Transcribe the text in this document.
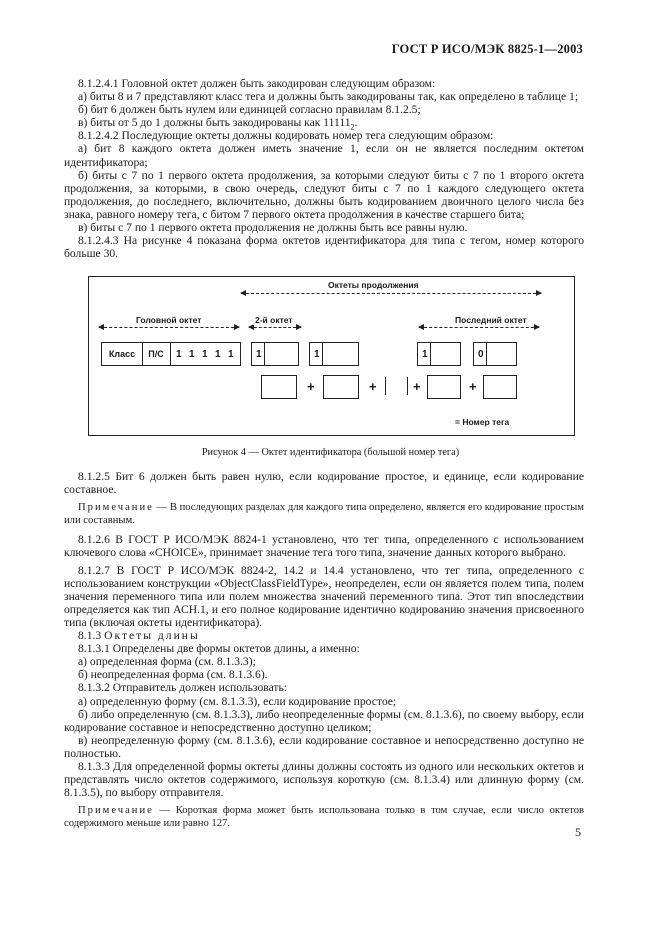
ГОСТ Р ИСО/МЭК 8825-1—2003

8.1.2.4.1 Головной октет должен быть закодирован следующим образом:

а) биты 8 и 7 представляют класс тега и должны быть закодированы так, как определено в таблице 1;

б) бит 6 должен быть нулем или единицей согласно правилам 8.1.2.5;

в) биты от 5 до 1 должны быть закодированы как $11111_2$.

8.1.2.4.2 Последующие октеты должны кодировать номер тега следующим образом:

а) бит 8 каждого октета должен иметь значение 1, если он не является последним октетом идентификатора;

б) биты с 7 по 1 первого октета продолжения, за которыми следуют биты с 7 по 1 второго октета продолжения, за которыми, в свою очередь, следуют биты с 7 по 1 каждого следующего октета продолжения, до последнего, включительно, должны быть кодированием двоичного целого числа без знака, равного номеру тега, с битом 7 первого октета продолжения в качестве старшего бита;

в) биты с 7 по 1 первого октета продолжения не должны быть все равны нулю.

8.1.2.4.3 На рисунке 4 показана форма октетов идентификатора для типа с тегом, номер которого больше 30.

Октеты продолжения
Головной октет	2-й октет	Последний октет
Класс	П/С	1 1 1 1 1 1	1	1	0
+	+	+	+
= Номер тега
Рисунок 4 — Октет идентификатора (большой номер тега)

8.1.2.5 Бит 6 должен быть равен нулю, если кодирование простое, и единице, если кодирование составное.

Примечание — В последующих разделах для каждого типа определено, является его кодирование простым или составным.

8.1.2.6 В ГОСТ Р ИСО/МЭК 8824-1 установлено, что тег типа, определенного с использованием ключевого слова «CHOICE», принимает значение тега того типа, значение данных которого выбрано.

8.1.2.7 В ГОСТ Р ИСО/МЭК 8824-2, 14.2 и 14.4 установлено, что тег типа, определенного с использованием конструкции «ObjectClassFieldType», неопределен, если он является полем типа, полем значения переменного типа или полем множества значений переменного типа. Этот тип впоследствии определяется как тип АСН.1, и его полное кодирование идентично кодированию значения присвоенного типа (включая октеты идентификатора).

8.1.3 Октеты длины

8.1.3.1 Определены две формы октетов длины, а именно:

а) определенная форма (см. 8.1.3.3);

б) неопределенная форма (см. 8.1.3.6).

8.1.3.2 Отправитель должен использовать:

а) определенную форму (см. 8.1.3.3), если кодирование простое;

б) либо определенную (см. 8.1.3.3), либо неопределенные формы (см. 8.1.3.6), по своему выбору, если кодирование составное и непосредственно доступно целиком;

в) неопределенную форму (см. 8.1.3.6), если кодирование составное и непосредственно доступно не полностью.

8.1.3.3 Для определенной формы октеты длины должны состоять из одного или нескольких октетов и представлять число октетов содержимого, используя короткую (см. 8.1.3.4) или длинную форму (см. 8.1.3.5), по выбору отправителя.

Примечание — Короткая форма может быть использована только в том случае, если число октетов содержимого меньше или равно 127.

5
